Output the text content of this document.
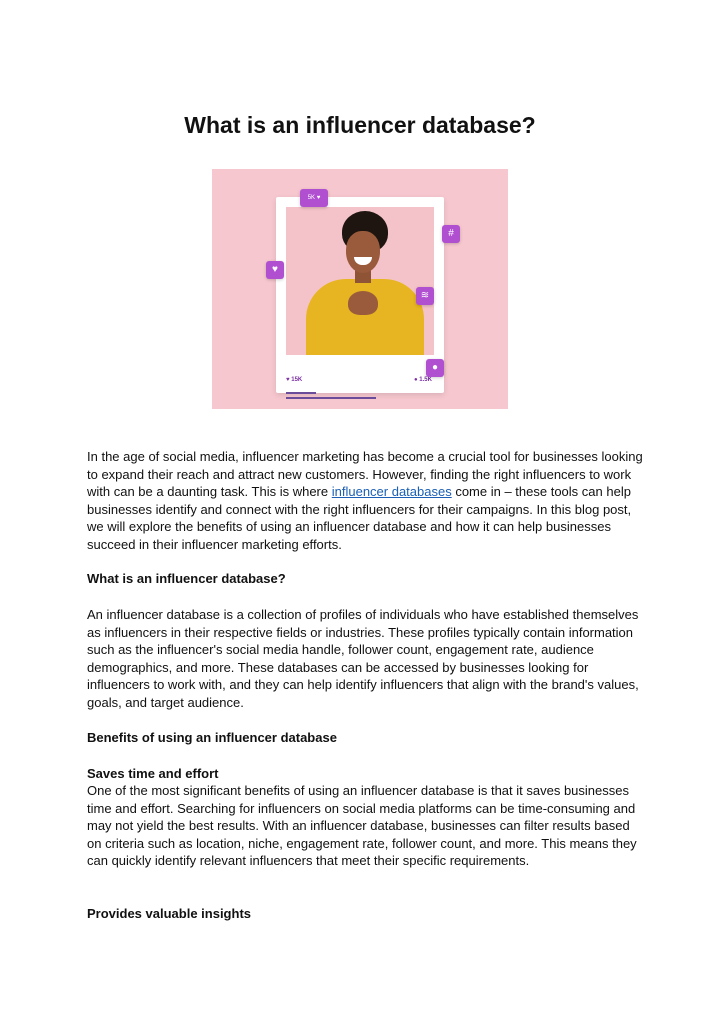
What is an influencer database?
♥ 15K	● 1.5K
5K ♥
#
♥
≋
●

In the age of social media, influencer marketing has become a crucial tool for businesses looking to expand their reach and attract new customers. However, finding the right influencers to work with can be a daunting task. This is where influencer databases come in – these tools can help businesses identify and connect with the right influencers for their campaigns. In this blog post, we will explore the benefits of using an influencer database and how it can help businesses succeed in their influencer marketing efforts.

What is an influencer database?

An influencer database is a collection of profiles of individuals who have established themselves as influencers in their respective fields or industries. These profiles typically contain information such as the influencer's social media handle, follower count, engagement rate, audience demographics, and more. These databases can be accessed by businesses looking for influencers to work with, and they can help identify influencers that align with the brand's values, goals, and target audience.

Benefits of using an influencer database
Saves time and effort

One of the most significant benefits of using an influencer database is that it saves businesses time and effort. Searching for influencers on social media platforms can be time-consuming and may not yield the best results. With an influencer database, businesses can filter results based on criteria such as location, niche, engagement rate, follower count, and more. This means they can quickly identify relevant influencers that meet their specific requirements.

Provides valuable insights
